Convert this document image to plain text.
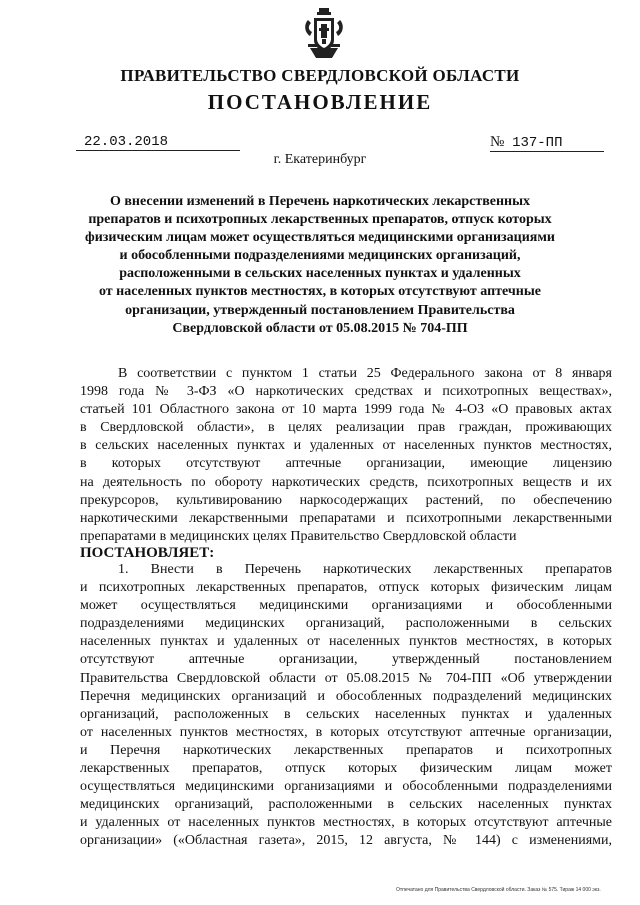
ПРАВИТЕЛЬСТВО СВЕРДЛОВСКОЙ ОБЛАСТИ
ПОСТАНОВЛЕНИЕ
22.03.2018	№ 137-ПП
г. Екатеринбург
О внесении изменений в Перечень наркотических лекарственных
препаратов и психотропных лекарственных препаратов, отпуск которых
физическим лицам может осуществляться медицинскими организациями
и обособленными подразделениями медицинских организаций,
расположенными в сельских населенных пунктах и удаленных
от населенных пунктов местностях, в которых отсутствуют аптечные
организации, утвержденный постановлением Правительства
Свердловской области от 05.08.2015 № 704-ПП
В соответствии с пунктом 1 статьи 25 Федерального закона от 8 января
1998 года № 3-ФЗ «О наркотических средствах и психотропных веществах»,
статьей 101 Областного закона от 10 марта 1999 года № 4-ОЗ «О правовых актах
в Свердловской области», в целях реализации прав граждан, проживающих
в сельских населенных пунктах и удаленных от населенных пунктов местностях,
в которых отсутствуют аптечные организации, имеющие лицензию
на деятельность по обороту наркотических средств, психотропных веществ и их
прекурсоров, культивированию наркосодержащих растений, по обеспечению
наркотическими лекарственными препаратами и психотропными лекарственными
препаратами в медицинских целях Правительство Свердловской области
ПОСТАНОВЛЯЕТ:
1. Внести в Перечень наркотических лекарственных препаратов
и психотропных лекарственных препаратов, отпуск которых физическим лицам
может осуществляться медицинскими организациями и обособленными
подразделениями медицинских организаций, расположенными в сельских
населенных пунктах и удаленных от населенных пунктов местностях, в которых
отсутствуют аптечные организации, утвержденный постановлением
Правительства Свердловской области от 05.08.2015 № 704-ПП «Об утверждении
Перечня медицинских организаций и обособленных подразделений медицинских
организаций, расположенных в сельских населенных пунктах и удаленных
от населенных пунктов местностях, в которых отсутствуют аптечные организации,
и Перечня наркотических лекарственных препаратов и психотропных
лекарственных препаратов, отпуск которых физическим лицам может
осуществляться медицинскими организациями и обособленными подразделениями
медицинских организаций, расположенными в сельских населенных пунктах
и удаленных от населенных пунктов местностях, в которых отсутствуют аптечные
организации» («Областная газета», 2015, 12 августа, № 144) с изменениями,
Отпечатано для Правительства Свердловской области. Заказ № 575. Тираж 14 000 экз.
